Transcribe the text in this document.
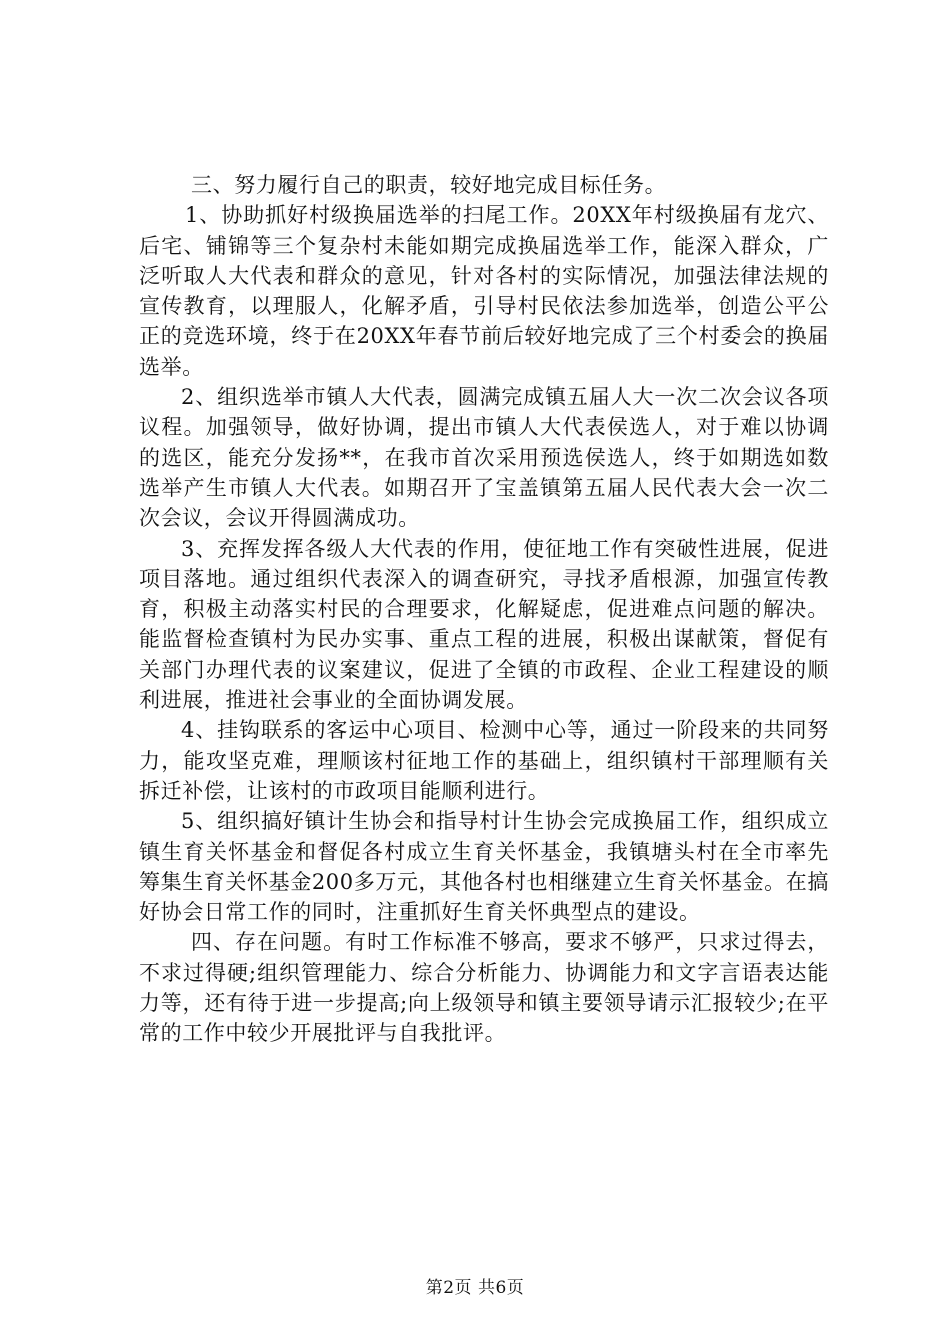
三、努力履行自己的职责，较好地完成目标任务。

1、协助抓好村级换届选举的扫尾工作。20XX年村级换届有龙穴、后宅、铺锦等三个复杂村未能如期完成换届选举工作，能深入群众，广泛听取人大代表和群众的意见，针对各村的实际情况，加强法律法规的宣传教育，以理服人，化解矛盾，引导村民依法参加选举，创造公平公正的竞选环境，终于在20XX年春节前后较好地完成了三个村委会的换届选举。

2、组织选举市镇人大代表，圆满完成镇五届人大一次二次会议各项议程。加强领导，做好协调，提出市镇人大代表侯选人，对于难以协调的选区，能充分发扬**，在我市首次采用预选侯选人，终于如期选如数选举产生市镇人大代表。如期召开了宝盖镇第五届人民代表大会一次二次会议，会议开得圆满成功。

3、充挥发挥各级人大代表的作用，使征地工作有突破性进展，促进项目落地。通过组织代表深入的调查研究，寻找矛盾根源，加强宣传教育，积极主动落实村民的合理要求，化解疑虑，促进难点问题的解决。能监督检查镇村为民办实事、重点工程的进展，积极出谋献策，督促有关部门办理代表的议案建议，促进了全镇的市政程、企业工程建设的顺利进展，推进社会事业的全面协调发展。

4、挂钩联系的客运中心项目、检测中心等，通过一阶段来的共同努力，能攻坚克难，理顺该村征地工作的基础上，组织镇村干部理顺有关拆迁补偿，让该村的市政项目能顺利进行。

5、组织搞好镇计生协会和指导村计生协会完成换届工作，组织成立镇生育关怀基金和督促各村成立生育关怀基金，我镇塘头村在全市率先筹集生育关怀基金200多万元，其他各村也相继建立生育关怀基金。在搞好协会日常工作的同时，注重抓好生育关怀典型点的建设。

四、存在问题。有时工作标准不够高，要求不够严，只求过得去，不求过得硬;组织管理能力、综合分析能力、协调能力和文字言语表达能力等，还有待于进一步提高;向上级领导和镇主要领导请示汇报较少;在平常的工作中较少开展批评与自我批评。

第2页 共6页
